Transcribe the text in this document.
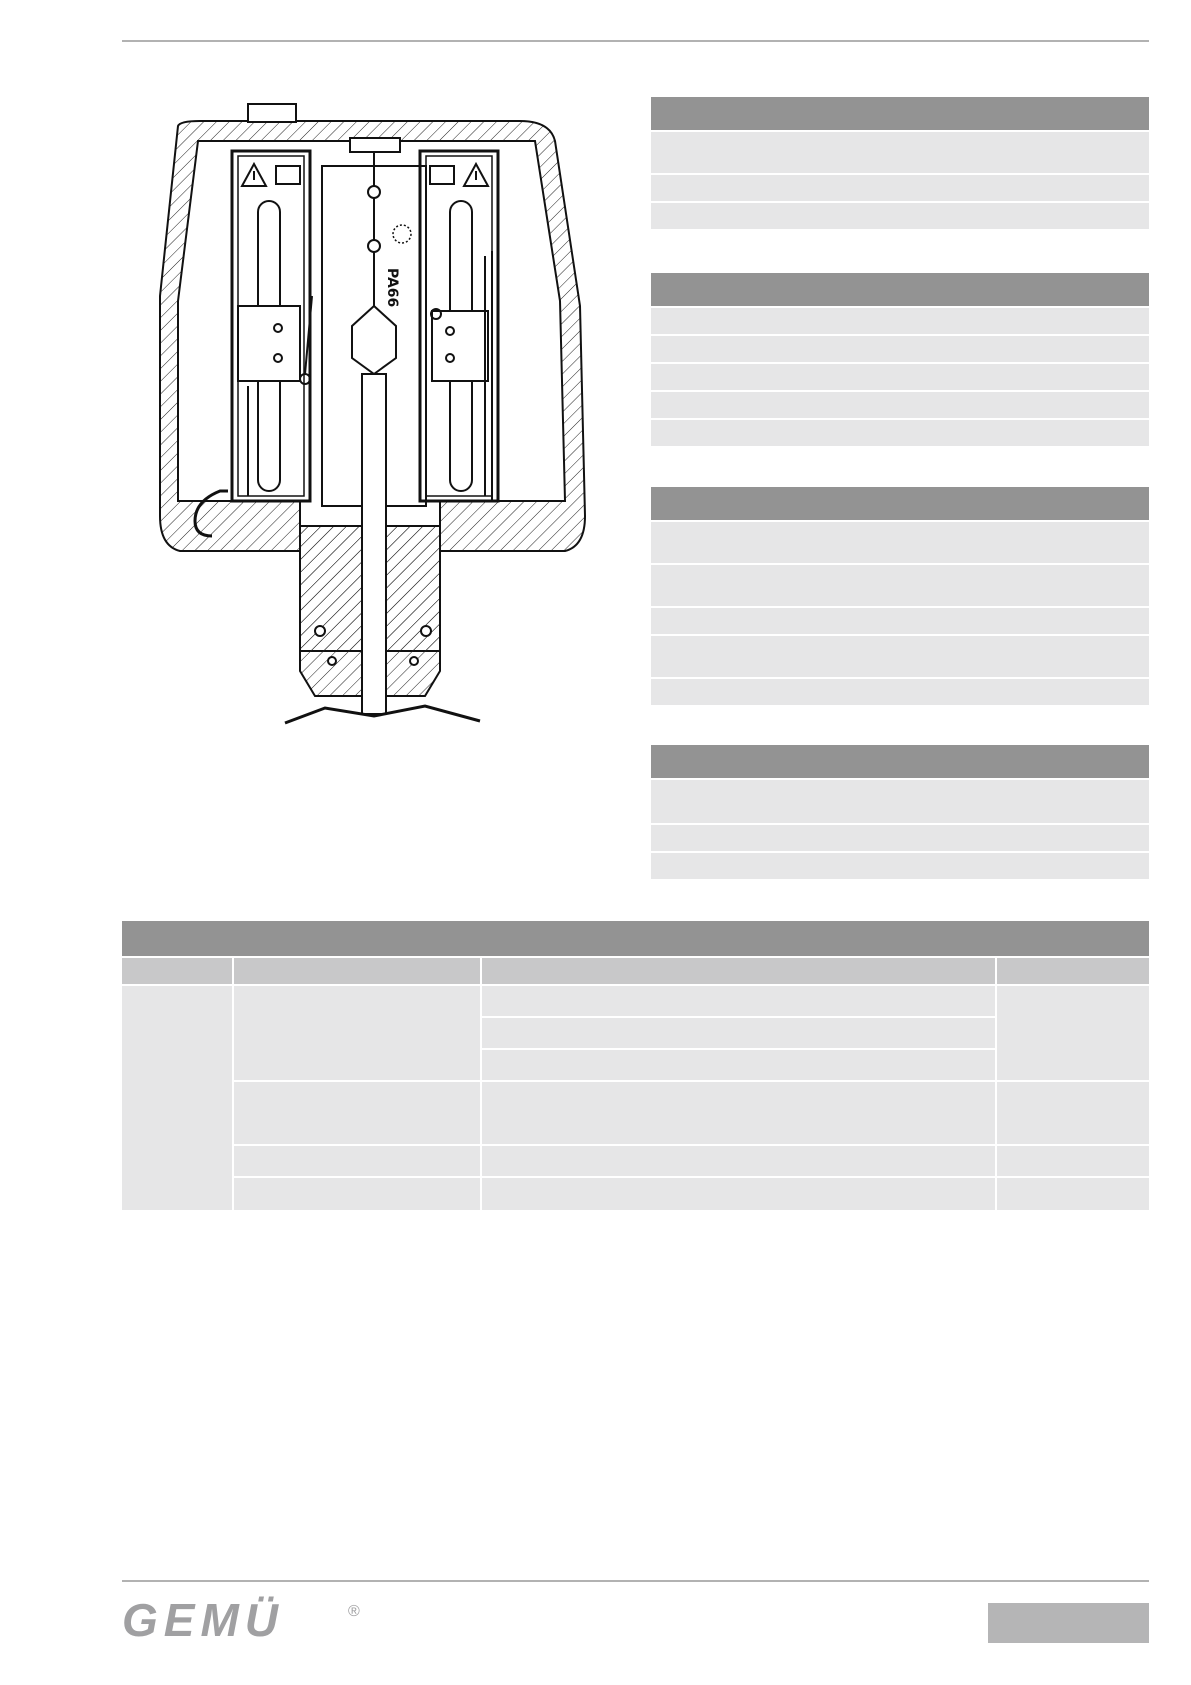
PA66
GEMÜ	®
